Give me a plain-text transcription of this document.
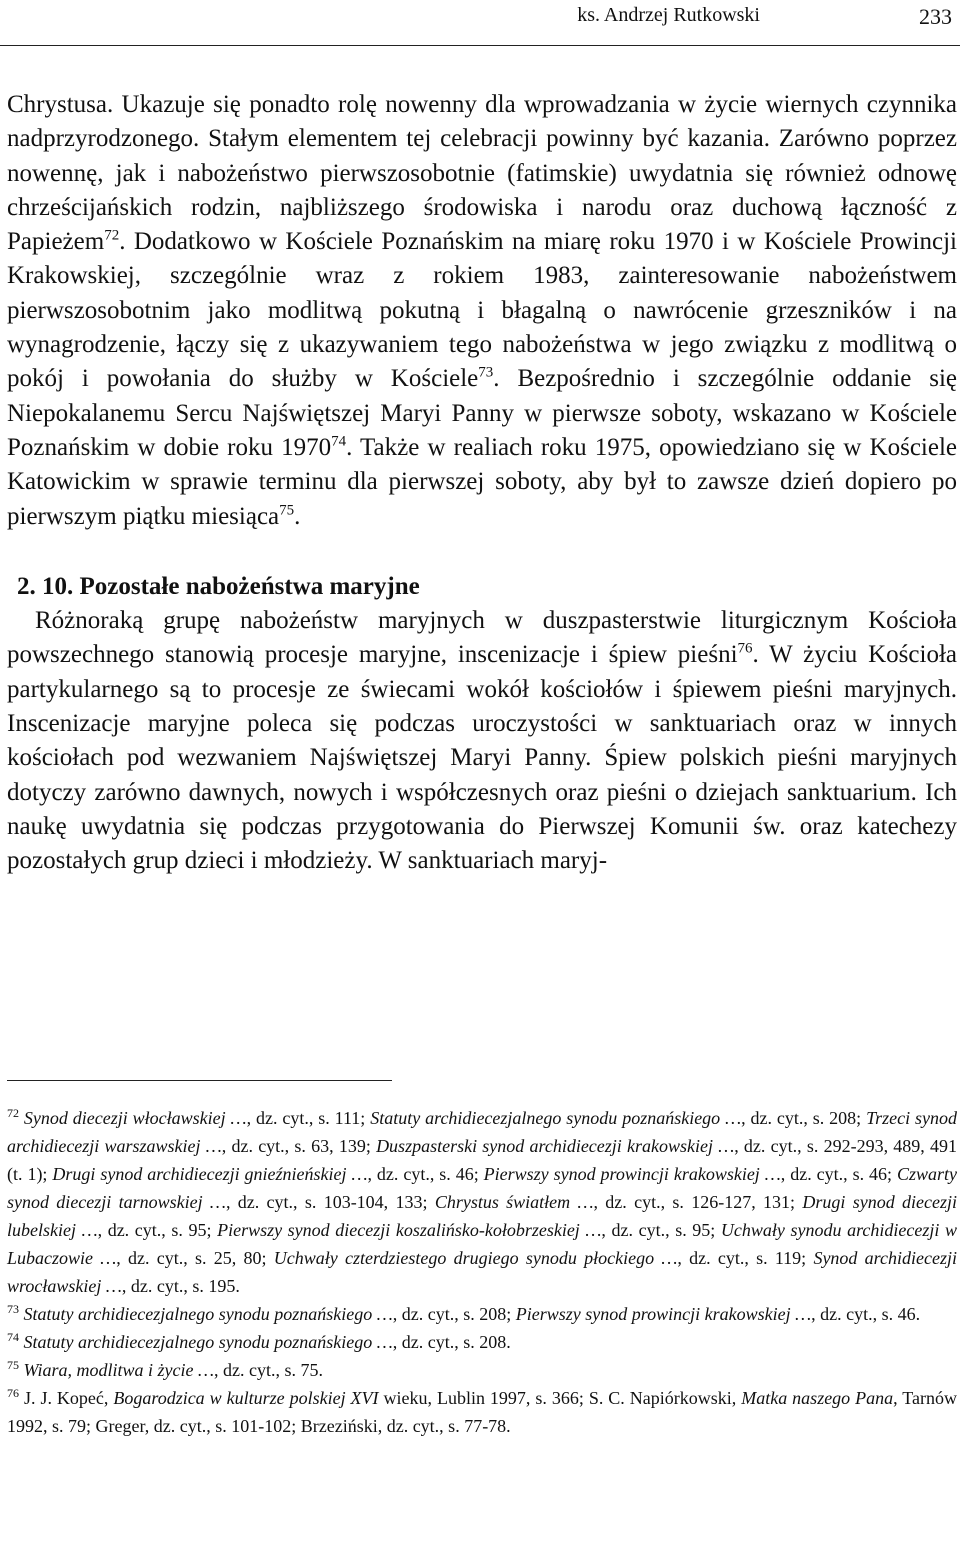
ks. Andrzej Rutkowski	233

Chrystusa. Ukazuje się ponadto rolę nowenny dla wprowadzania w życie wiernych czynnika nadprzyrodzonego. Stałym elementem tej celebracji powinny być kazania. Zarówno poprzez nowennę, jak i nabożeństwo pierwszosobotnie (fatimskie) uwydatnia się również odnowę chrześcijańskich rodzin, najbliższego środowiska i narodu oraz duchową łączność z Papieżem$^{72}$. Dodatkowo w Kościele Poznańskim na miarę roku 1970 i w Kościele Prowincji Krakowskiej, szczególnie wraz z rokiem 1983, zainteresowanie nabożeństwem pierwszosobotnim jako modlitwą pokutną i błagalną o nawrócenie grzeszników i na wynagrodzenie, łączy się z ukazywaniem tego nabożeństwa w jego związku z modlitwą o pokój i powołania do służby w Kościele$^{73}$. Bezpośrednio i szczególnie oddanie się Niepokalanemu Sercu Najświętszej Maryi Panny w pierwsze soboty, wskazano w Kościele Poznańskim w dobie roku 1970$^{74}$. Także w realiach roku 1975, opowiedziano się w Kościele Katowickim w sprawie terminu dla pierwszej soboty, aby był to zawsze dzień dopiero po pierwszym piątku miesiąca$^{75}$.

2. 10. Pozostałe nabożeństwa maryjne

Różnoraką grupę nabożeństw maryjnych w duszpasterstwie liturgicznym Kościoła powszechnego stanowią procesje maryjne, inscenizacje i śpiew pieśni$^{76}$. W życiu Kościoła partykularnego są to procesje ze świecami wokół kościołów i śpiewem pieśni maryjnych. Inscenizacje maryjne poleca się podczas uroczystości w sanktuariach oraz w innych kościołach pod wezwaniem Najświętszej Maryi Panny. Śpiew polskich pieśni maryjnych dotyczy zarówno dawnych, nowych i współczesnych oraz pieśni o dziejach sanktuarium. Ich naukę uwydatnia się podczas przygotowania do Pierwszej Komunii św. oraz katechezy pozostałych grup dzieci i młodzieży. W sanktuariach maryj-

$^{72}$ Synod diecezji włocławskiej …, dz. cyt., s. 111; Statuty archidiecezjalnego synodu poznańskiego …, dz. cyt., s. 208; Trzeci synod archidiecezji warszawskiej …, dz. cyt., s. 63, 139; Duszpasterski synod archidiecezji krakowskiej …, dz. cyt., s. 292-293, 489, 491 (t. 1); Drugi synod archidiecezji gnieźnieńskiej …, dz. cyt., s. 46; Pierwszy synod prowincji krakowskiej …, dz. cyt., s. 46; Czwarty synod diecezji tarnowskiej …, dz. cyt., s. 103-104, 133; Chrystus światłem …, dz. cyt., s. 126-127, 131; Drugi synod diecezji lubelskiej …, dz. cyt., s. 95; Pierwszy synod diecezji koszalińsko-kołobrzeskiej …, dz. cyt., s. 95; Uchwały synodu archidiecezji w Lubaczowie …, dz. cyt., s. 25, 80; Uchwały czterdziestego drugiego synodu płockiego …, dz. cyt., s. 119; Synod archidiecezji wrocławskiej …, dz. cyt., s. 195.

$^{73}$ Statuty archidiecezjalnego synodu poznańskiego …, dz. cyt., s. 208; Pierwszy synod prowincji krakowskiej …, dz. cyt., s. 46.

$^{74}$ Statuty archidiecezjalnego synodu poznańskiego …, dz. cyt., s. 208.

$^{75}$ Wiara, modlitwa i życie …, dz. cyt., s. 75.

$^{76}$ J. J. Kopeć, Bogarodzica w kulturze polskiej XVI wieku, Lublin 1997, s. 366; S. C. Napiórkowski, Matka naszego Pana, Tarnów 1992, s. 79; Greger, dz. cyt., s. 101-102; Brzeziński, dz. cyt., s. 77-78.
